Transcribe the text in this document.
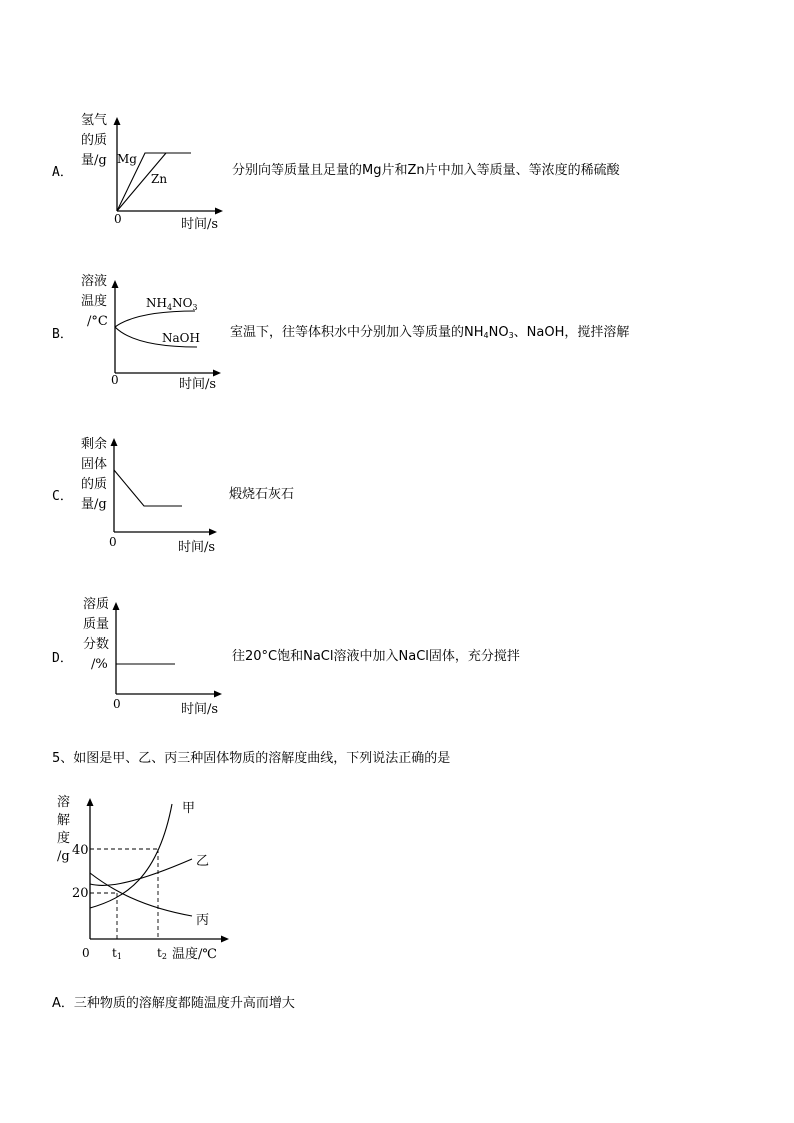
A．
氢气
的质
量/g Mg
Zn
0	时间/s
分别向等质量且足量的Mg片和Zn片中加入等质量、等浓度的稀硫酸
B．
溶液
温度
/°C
$NH_4NO_3$
NaOH
0	时间/s
室温下，往等体积水中分别加入等质量的NH4NO3、NaOH，搅拌溶解
C．
剩余
固体
的质
量/g
0	时间/s
煅烧石灰石
D．
溶质
质量
分数
/%
0	时间/s
往20°C饱和NaCl溶液中加入NaCl固体，充分搅拌
5、如图是甲、乙、丙三种固体物质的溶解度曲线，下列说法正确的是
溶
解
度
/g 40
20
0 t1	t2 温度/℃
甲
乙
丙
A．三种物质的溶解度都随温度升高而增大
